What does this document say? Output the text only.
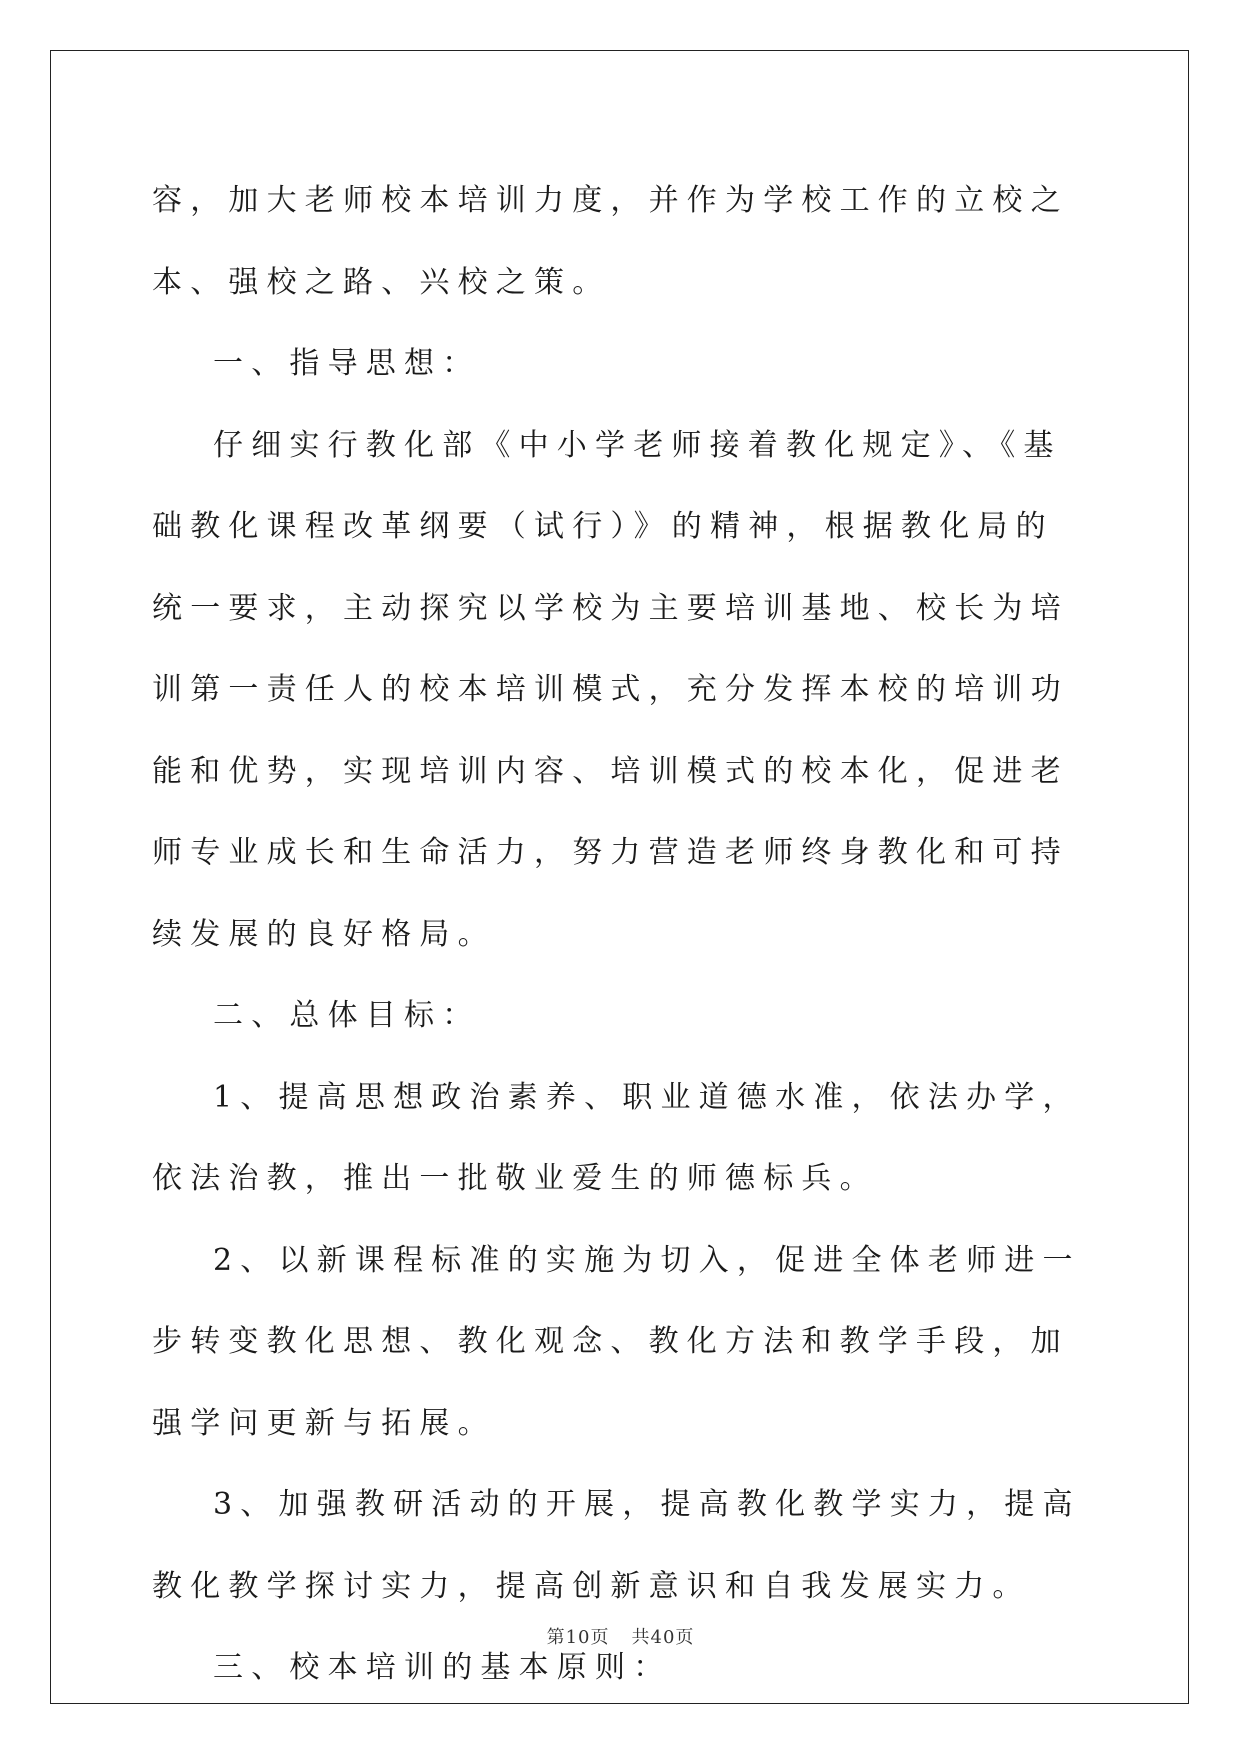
容，加大老师校本培训力度，并作为学校工作的立校之本、强校之路、兴校之策。

一、指导思想：

仔细实行教化部《中小学老师接着教化规定》、《基础教化课程改革纲要（试行）》的精神，根据教化局的统一要求，主动探究以学校为主要培训基地、校长为培训第一责任人的校本培训模式，充分发挥本校的培训功能和优势，实现培训内容、培训模式的校本化，促进老师专业成长和生命活力，努力营造老师终身教化和可持续发展的良好格局。

二、总体目标：

1、提高思想政治素养、职业道德水准，依法办学，依法治教，推出一批敬业爱生的师德标兵。

2、以新课程标准的实施为切入，促进全体老师进一步转变教化思想、教化观念、教化方法和教学手段，加强学问更新与拓展。

3、加强教研活动的开展，提高教化教学实力，提高教化教学探讨实力，提高创新意识和自我发展实力。

三、校本培训的基本原则：

第10页 共40页
